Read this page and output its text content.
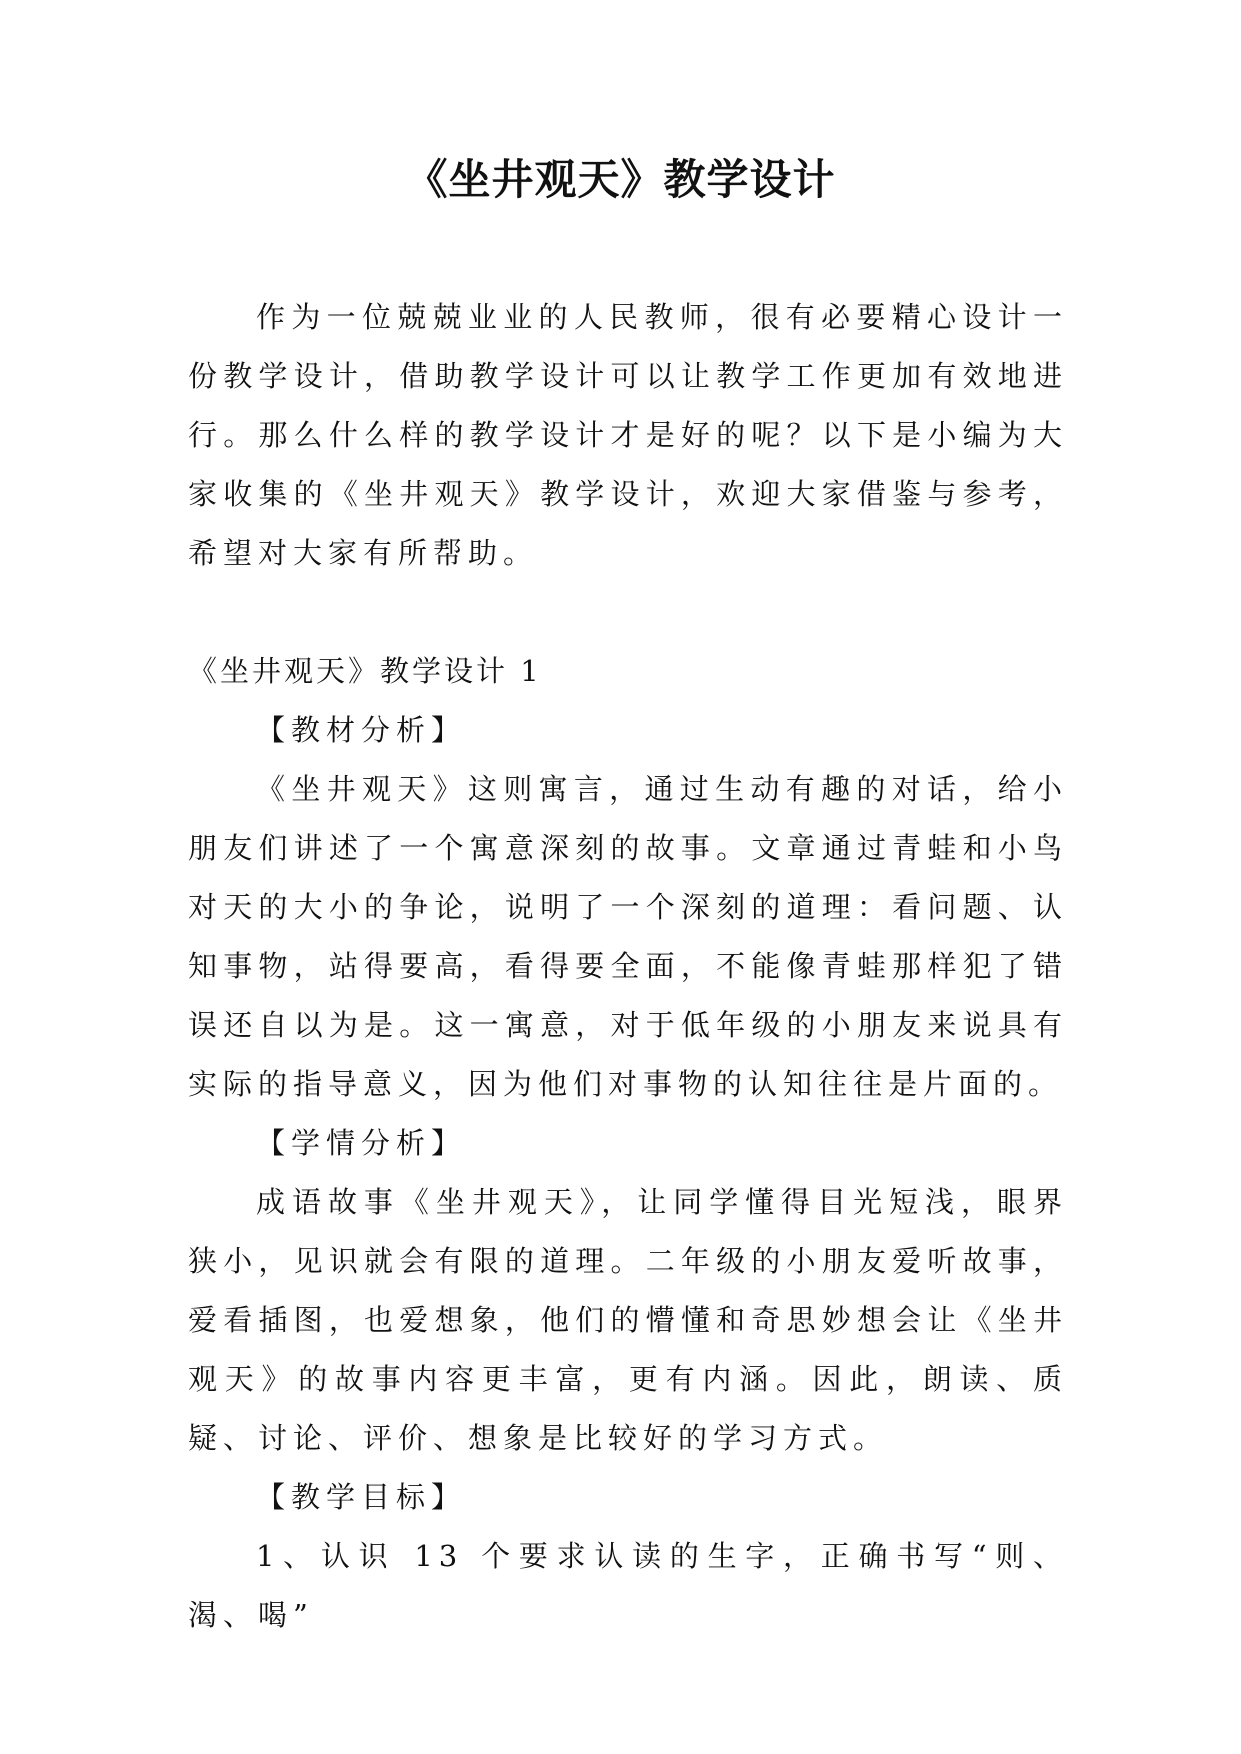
《坐井观天》教学设计

作为一位兢兢业业的人民教师，很有必要精心设计一份教学设计，借助教学设计可以让教学工作更加有效地进行。那么什么样的教学设计才是好的呢？以下是小编为大家收集的《坐井观天》教学设计，欢迎大家借鉴与参考，希望对大家有所帮助。

《坐井观天》教学设计 1

【教材分析】

《坐井观天》这则寓言，通过生动有趣的对话，给小朋友们讲述了一个寓意深刻的故事。文章通过青蛙和小鸟对天的大小的争论，说明了一个深刻的道理：看问题、认知事物，站得要高，看得要全面，不能像青蛙那样犯了错误还自以为是。这一寓意，对于低年级的小朋友来说具有实际的指导意义，因为他们对事物的认知往往是片面的。

【学情分析】

成语故事《坐井观天》，让同学懂得目光短浅，眼界狭小，见识就会有限的道理。二年级的小朋友爱听故事，爱看插图，也爱想象，他们的懵懂和奇思妙想会让《坐井观天》的故事内容更丰富，更有内涵。因此，朗读、质疑、讨论、评价、想象是比较好的学习方式。

【教学目标】

1、认识 13 个要求认读的生字，正确书写“则、渴、喝”
